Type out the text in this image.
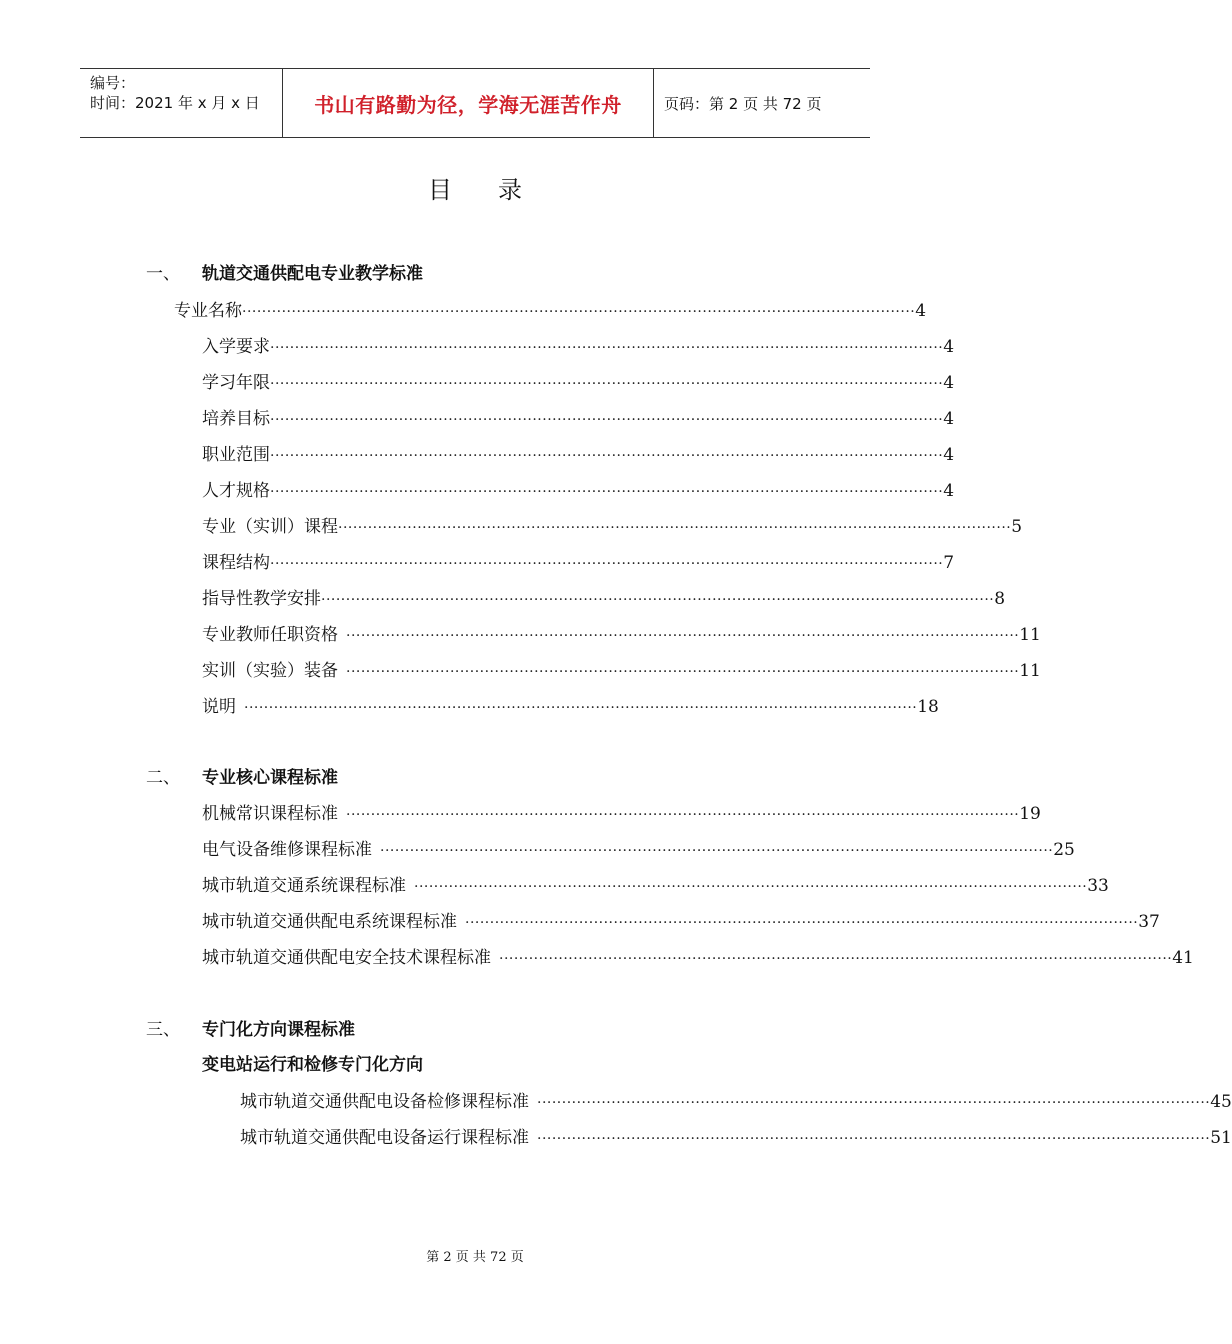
编号：
时间：2021 年 x 月 x 日	书山有路勤为径，学海无涯苦作舟	页码：第 2 页 共 72 页
目录
一、 轨道交通供配电专业教学标准
专业名称 ········································································································································ 4
入学要求 ········································································································································ 4
学习年限 ········································································································································ 4
培养目标 ········································································································································ 4
职业范围 ········································································································································ 4
人才规格 ········································································································································ 4
专业（实训）课程 ········································································································································ 5
课程结构 ········································································································································ 7
指导性教学安排 ········································································································································ 8
专业教师任职资格 ········································································································································ 11
实训（实验）装备 ········································································································································ 11
说明 ········································································································································ 18
二、 专业核心课程标准
机械常识课程标准 ········································································································································ 19
电气设备维修课程标准 ········································································································································ 25
城市轨道交通系统课程标准 ········································································································································ 33
城市轨道交通供配电系统课程标准 ········································································································································ 37
城市轨道交通供配电安全技术课程标准 ········································································································································ 41
三、 专门化方向课程标准
变电站运行和检修专门化方向
城市轨道交通供配电设备检修课程标准 ········································································································································ 45
城市轨道交通供配电设备运行课程标准 ········································································································································ 51
第 2 页 共 72 页
